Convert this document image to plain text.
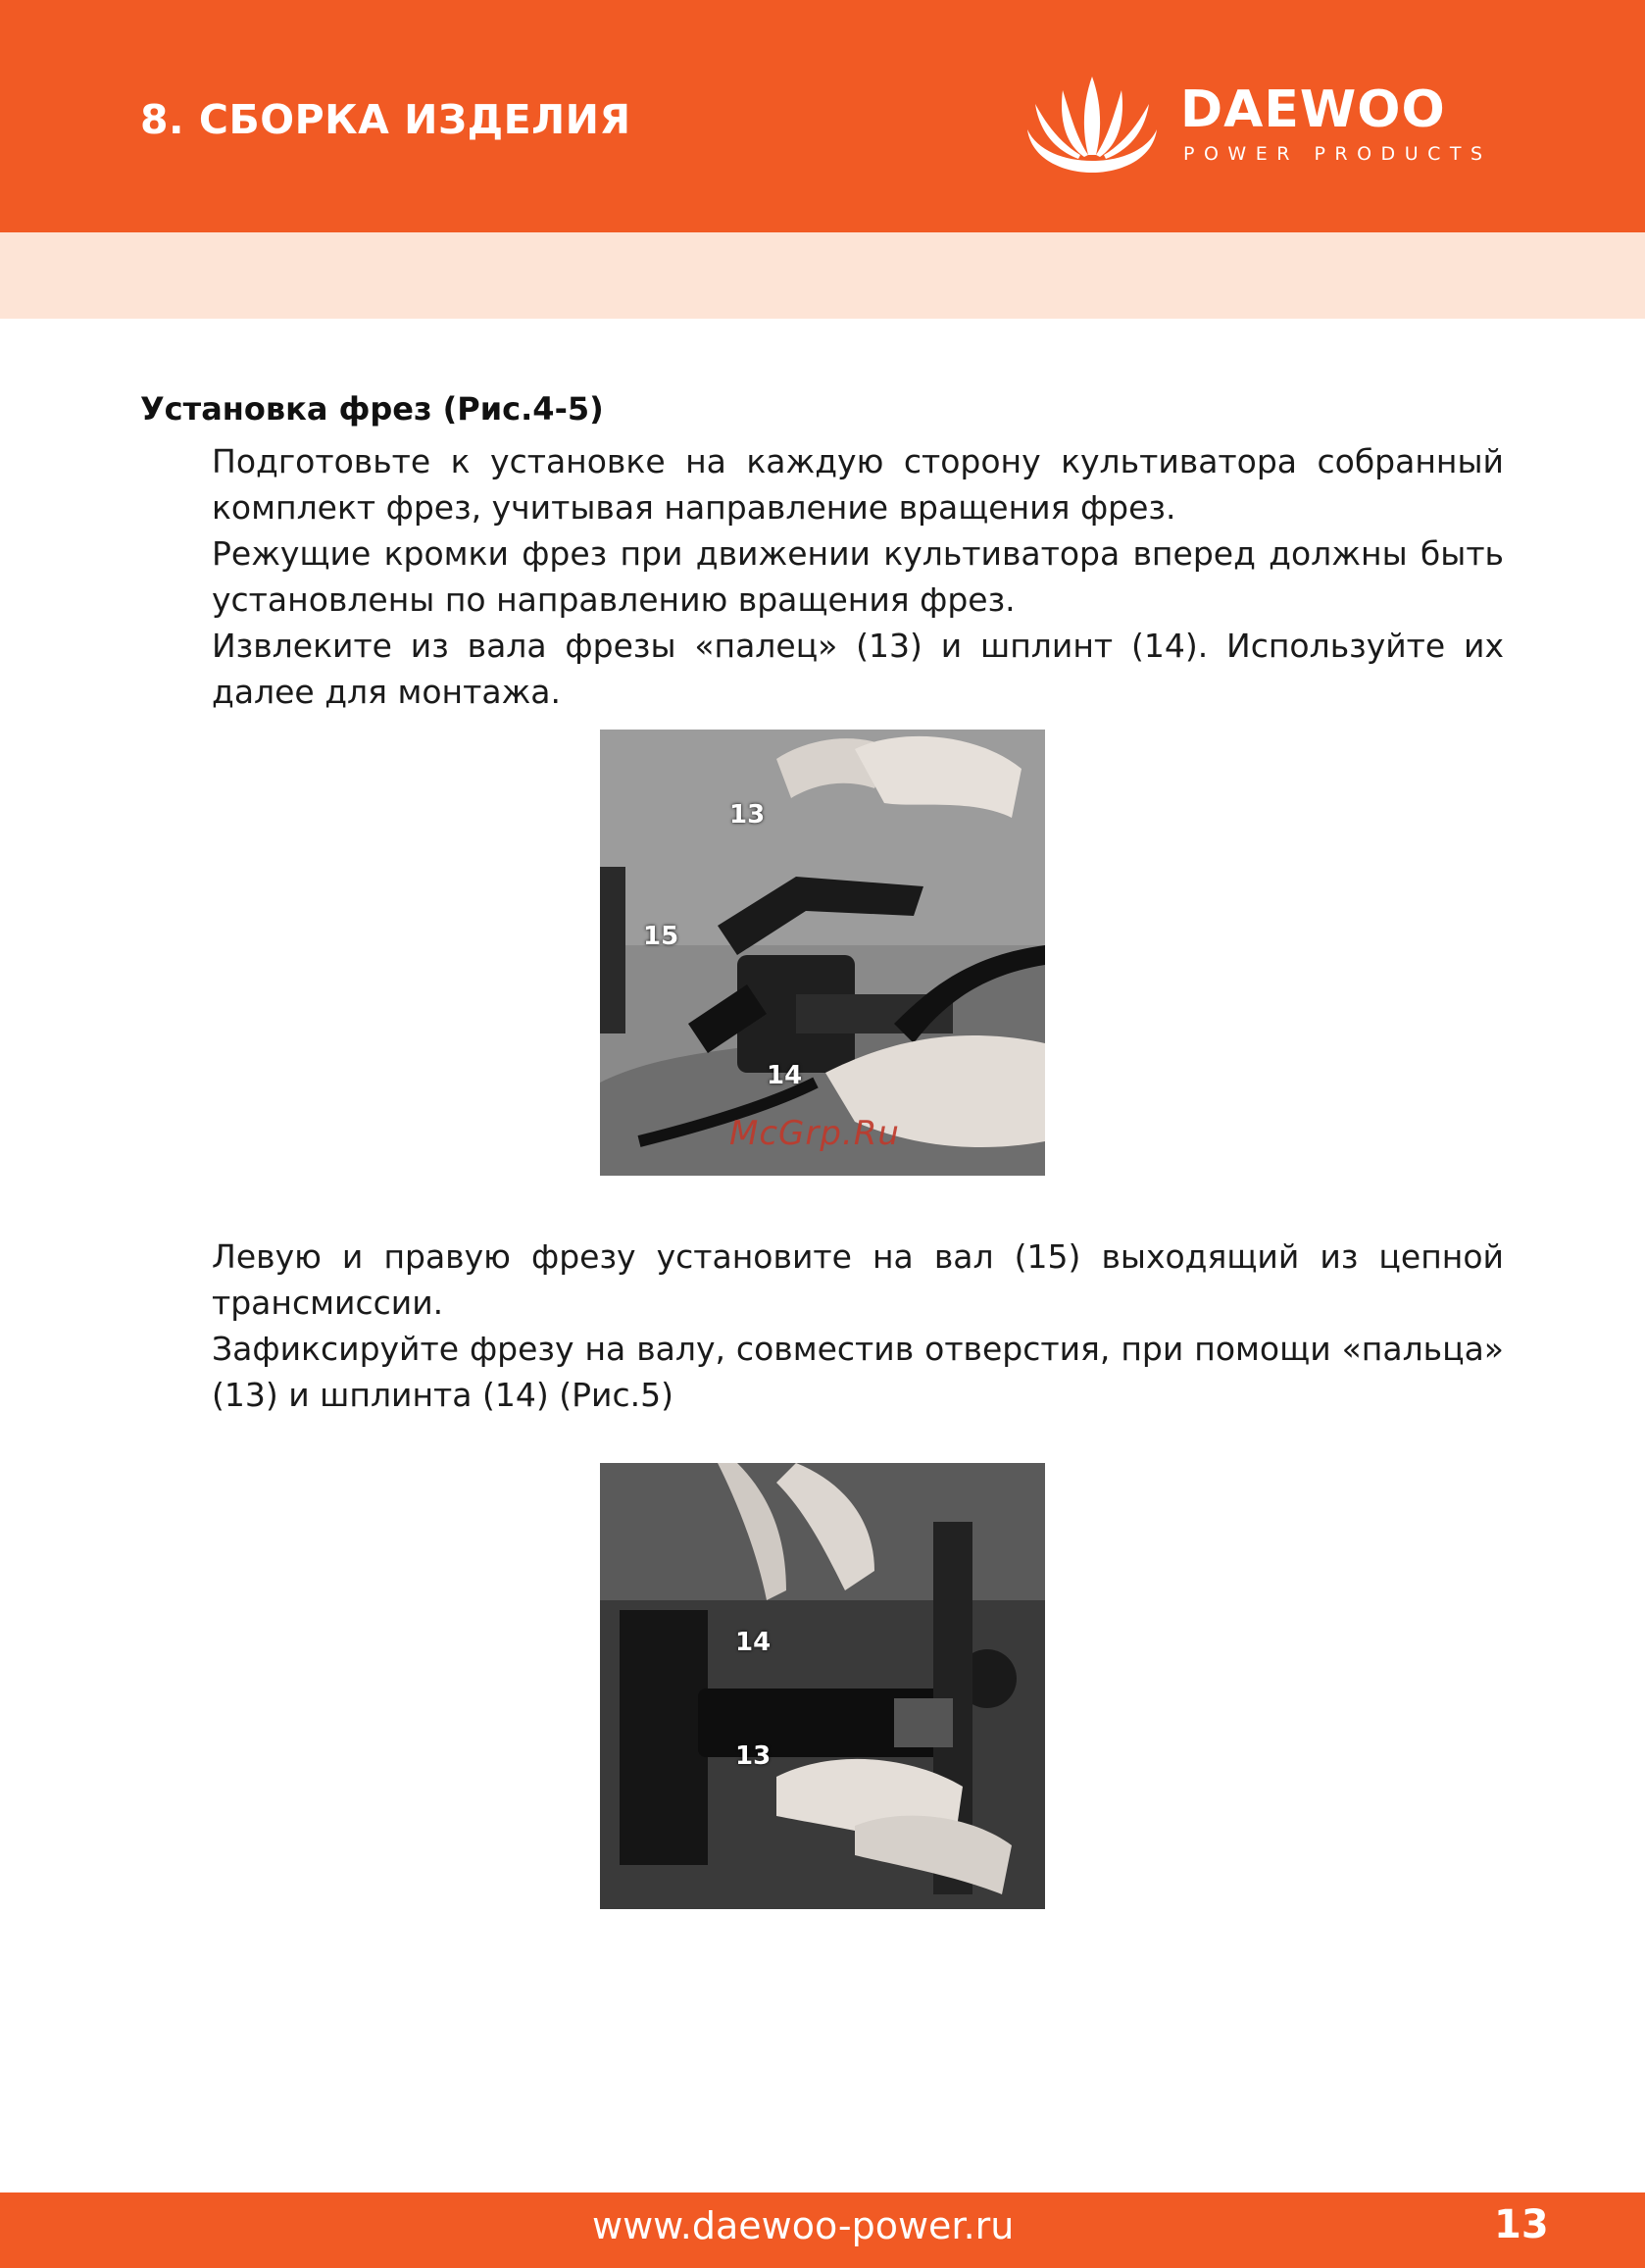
8. СБОРКА ИЗДЕЛИЯ	DAEWOO
POWER PRODUCTS
Установка фрез (Рис.4-5)

Подготовьте к установке на каждую сторону культиватора собранный комплект фрез, учитывая направление вращения фрез.

Режущие кромки фрез при движении культиватора вперед должны быть установлены по направлению вращения фрез.

Извлеките из вала фрезы «палец» (13) и шплинт (14). Используйте их далее для монтажа.

13
15
14
McGrp.Ru

Левую и правую фрезу установите на вал (15) выходящий из цепной трансмиссии.

Зафиксируйте фрезу на валу, совместив отверстия, при помощи «пальца» (13) и шплинта (14) (Рис.5)

14
13
www.daewoo-power.ru	13
